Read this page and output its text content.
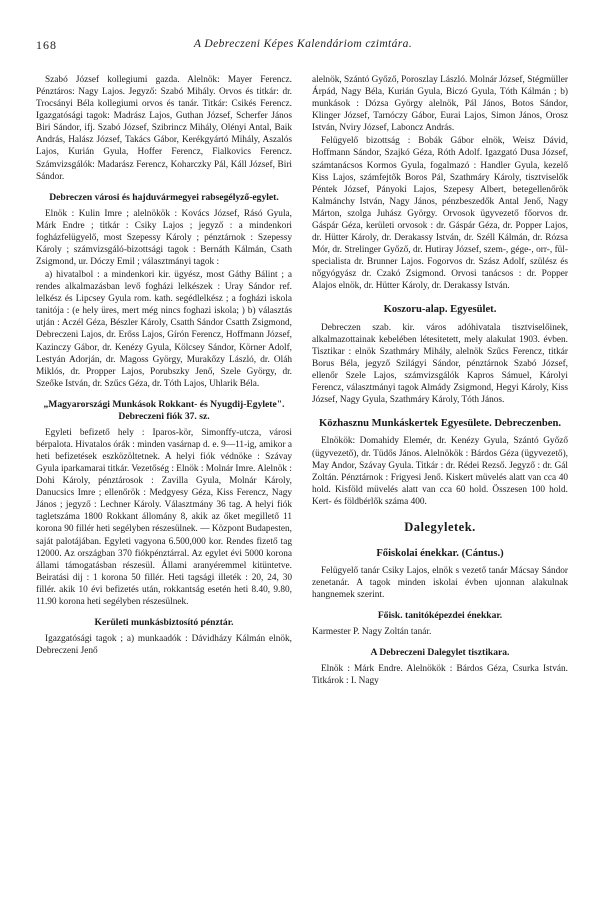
168	A Debreczeni Képes Kalendáriom czimtára.

Szabó József kollegiumi gazda. Alelnök: Mayer Ferencz. Pénztáros: Nagy Lajos. Jegyző: Szabó Mihály. Orvos és titkár: dr. Trocsányi Béla kollegiumi orvos és tanár. Titkár: Csikés Ferencz. Igazgatósági tagok: Madrász Lajos, Guthan József, Scherfer János Biri Sándor, ifj. Szabó József, Szibrincz Mihály, Olényi Antal, Baik András, Halász József, Takács Gábor, Kerékgyártó Mihály, Aszalós Lajos, Kurián Gyula, Hoffer Ferencz, Fialkovics Ferencz. Számvizsgálók: Madarász Ferencz, Koharczky Pál, Káll József, Biri Sándor.

Debreczen városi és hajduvármegyei rabsegélyző-egylet.

Elnök : Kulin Imre ; alelnökök : Kovács József, Rásó Gyula, Márk Endre ; titkár : Csiky Lajos ; jegyző : a mindenkori fogházfelügyelő, most Szepessy Károly ; pénztárnok : Szepessy Károly ; számvizsgáló-bizottsági tagok : Bernáth Kálmán, Csath Zsigmond, ur. Dóczy Emil ; választmányi tagok :

a) hivatalbol : a mindenkori kir. ügyész, most Gáthy Bálint ; a rendes alkalmazásban levő fogházi lelkészek : Uray Sándor ref. lelkész és Lipcsey Gyula rom. kath. segédlelkész ; a fogházi iskola tanitója : (e hely üres, mert még nincs foghazi iskola; ) b) választás utján : Aczél Géza, Bészler Károly, Csatth Sándor Csatth Zsigmond, Debreczeni Lajos, dr. Erőss Lajos, Gírón Ferencz, Hoffmann József, Kazinczy Gábor, dr. Kenézy Gyula, Kölcsey Sándor, Körner Adolf, Lestyán Adorján, dr. Magoss György, Murakőzy László, dr. Oláh Miklós, dr. Propper Lajos, Porubszky Jenő, Szele György, dr. Szeőke István, dr. Szűcs Géza, dr. Tóth Lajos, Uhlarik Béla.

„Magyarországi Munkások Rokkant- és Nyugdij-Egylete". Debreczeni fiók 37. sz.

Egyleti befizető hely : Iparos-kör, Simonffy-utcza, városi bérpalota. Hivatalos órák : minden vasárnap d. e. 9—11-ig, amikor a heti befizetések eszközöltetnek. A helyi fiók védnöke : Szávay Gyula iparkamarai titkár. Vezetőség : Elnök : Molnár Imre. Alelnök : Dohi Károly, pénztárosok : Zavilla Gyula, Molnár Károly, Danucsics Imre ; ellenőrök : Medgyesy Géza, Kiss Ferencz, Nagy János ; jegyző : Lechner Károly. Választmány 36 tag. A helyi fiók tagletszáma 1800 Rokkant állomány 8, akik az őket megillető 11 korona 90 fillér heti segélyben részesülnek. — Központ Budapesten, saját palotájában. Egyleti vagyona 6.500,000 kor. Rendes fizető tag 12000. Az országban 370 fiókpénztárral. Az egylet évi 5000 korona állami támogatásban részesül. Állami aranyéremmel kitüntetve. Beiratási dij : 1 korona 50 fillér. Heti tagsági illeték : 20, 24, 30 fillér. akik 10 évi befizetés után, rokkantság esetén heti 8.40, 9.80, 11.90 korona heti segélyben részesülnek.

Kerületi munkásbiztosító pénztár.

Igazgatósági tagok ; a) munkaadók : Dávidházy Kálmán elnök, Debreczeni Jenő

alelnök, Szántó Győző, Poroszlay László. Molnár József, Stégmüller Árpád, Nagy Béla, Kurián Gyula, Biczó Gyula, Tóth Kálmán ; b) munkások : Dózsa György alelnök, Pál János, Botos Sándor, Klinger József, Tarnóczy Gábor, Eurai Lajos, Simon János, Orosz István, Nviry József, Laboncz András.

Felügyelő bizottság : Bobák Gábor elnök, Weisz Dávid, Hoffmann Sándor, Szajkó Géza, Róth Adolf. Igazgató Dusa József, számtanácsos Kormos Gyula, fogalmazó : Handler Gyula, kezelő Kiss Lajos, számfejtők Boros Pál, Szathmáry Károly, tisztviselők Péntek József, Pányoki Lajos, Szepesy Albert, betegellenőrök Kalmánchy István, Nagy János, pénzbeszedők Antal Jenő, Nagy Márton, szolga Juhász György. Orvosok ügyvezető főorvos dr. Gáspár Géza, kerületi orvosok : dr. Gáspár Géza, dr. Popper Lajos, dr. Hütter Károly, dr. Derakassy István, dr. Széll Kálmán, dr. Rózsa Mór, dr. Strelinger Győző, dr. Hutiray József, szem-, gége-, orr-, fül-specialista dr. Brunner Lajos. Fogorvos dr. Szász Adolf, szülész és nőgyógyász dr. Czakó Zsigmond. Orvosi tanácsos : dr. Popper Alajos elnök, dr. Hütter Károly, dr. Derakassy István.

Koszoru-alap. Egyesület.

Debreczen szab. kir. város adóhivatala tisztviselőinek, alkalmazottainak kebelében létesitetett, mely alakulat 1903. évben. Tisztikar : elnök Szathmáry Mihály, alelnök Szűcs Ferencz, titkár Borus Béla, jegyző Szilágyi Sándor, pénztárnok Szabó József, ellenőr Szele Lajos, számvizsgálók Kapros Sámuel, Károlyi Ferencz, választmányi tagok Almády Zsigmond, Hegyi Károly, Kiss József, Nagy Gyula, Szathmáry Károly, Tóth János.

Közhasznu Munkáskertek Egyesülete. Debreczenben.

Elnökök: Domahidy Elemér, dr. Kenézy Gyula, Szántó Győző (ügyvezető), dr. Tüdős János. Alelnökök : Bárdos Géza (ügyvezető), May Andor, Szávay Gyula. Titkár : dr. Rédei Rezső. Jegyző : dr. Gál Zoltán. Pénztárnok : Frigyesi Jenő. Kiskert müvelés alatt van cca 40 hold. Kisföld müvelés alatt van cca 60 hold. Összesen 100 hold. Kert- és földbérlők száma 400.

Dalegyletek.
Főiskolai énekkar. (Cántus.)

Felügyelő tanár Csiky Lajos, elnök s vezető tanár Mácsay Sándor zenetanár. A tagok minden iskolai évben ujonnan alakulnak hangnemek szerint.

Főisk. tanitóképezdei énekkar.

Karmester P. Nagy Zoltán tanár.

A Debreczeni Dalegylet tisztikara.

Elnök : Márk Endre. Alelnökök : Bárdos Géza, Csurka István. Titkárok : I. Nagy
